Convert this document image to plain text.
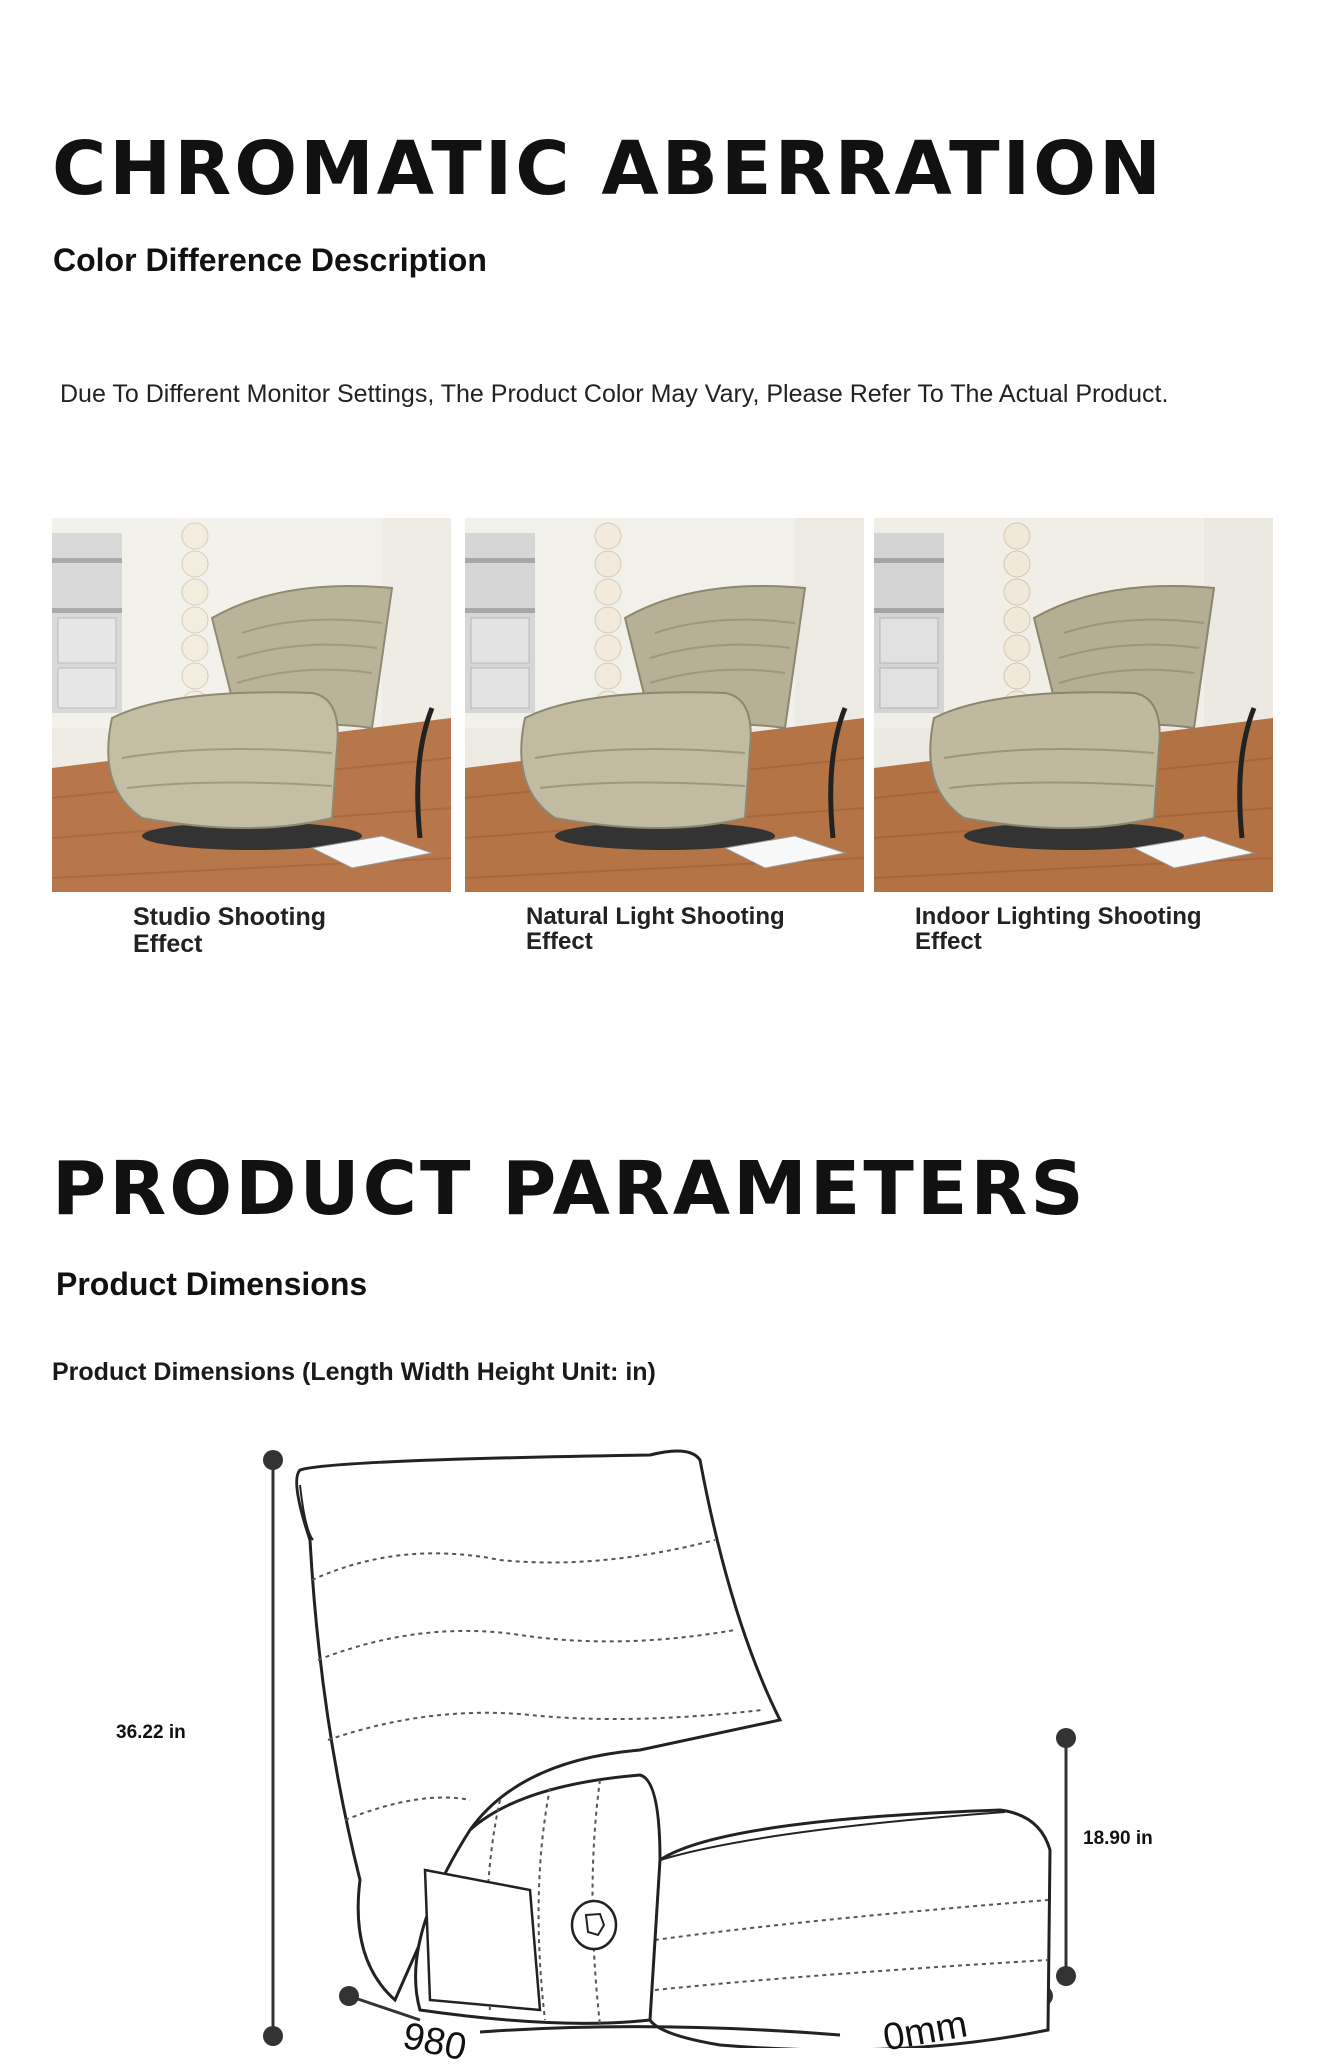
CHROMATIC ABERRATION
Color Difference Description
Due To Different Monitor Settings, The Product Color May Vary, Please Refer To The Actual Product.
Studio Shooting
Effect
Natural Light Shooting
Effect
Indoor Lighting Shooting
Effect
PRODUCT PARAMETERS
Product Dimensions
Product Dimensions (Length Width Height Unit: in)
36.22 in
18.90 in
980	0mm
